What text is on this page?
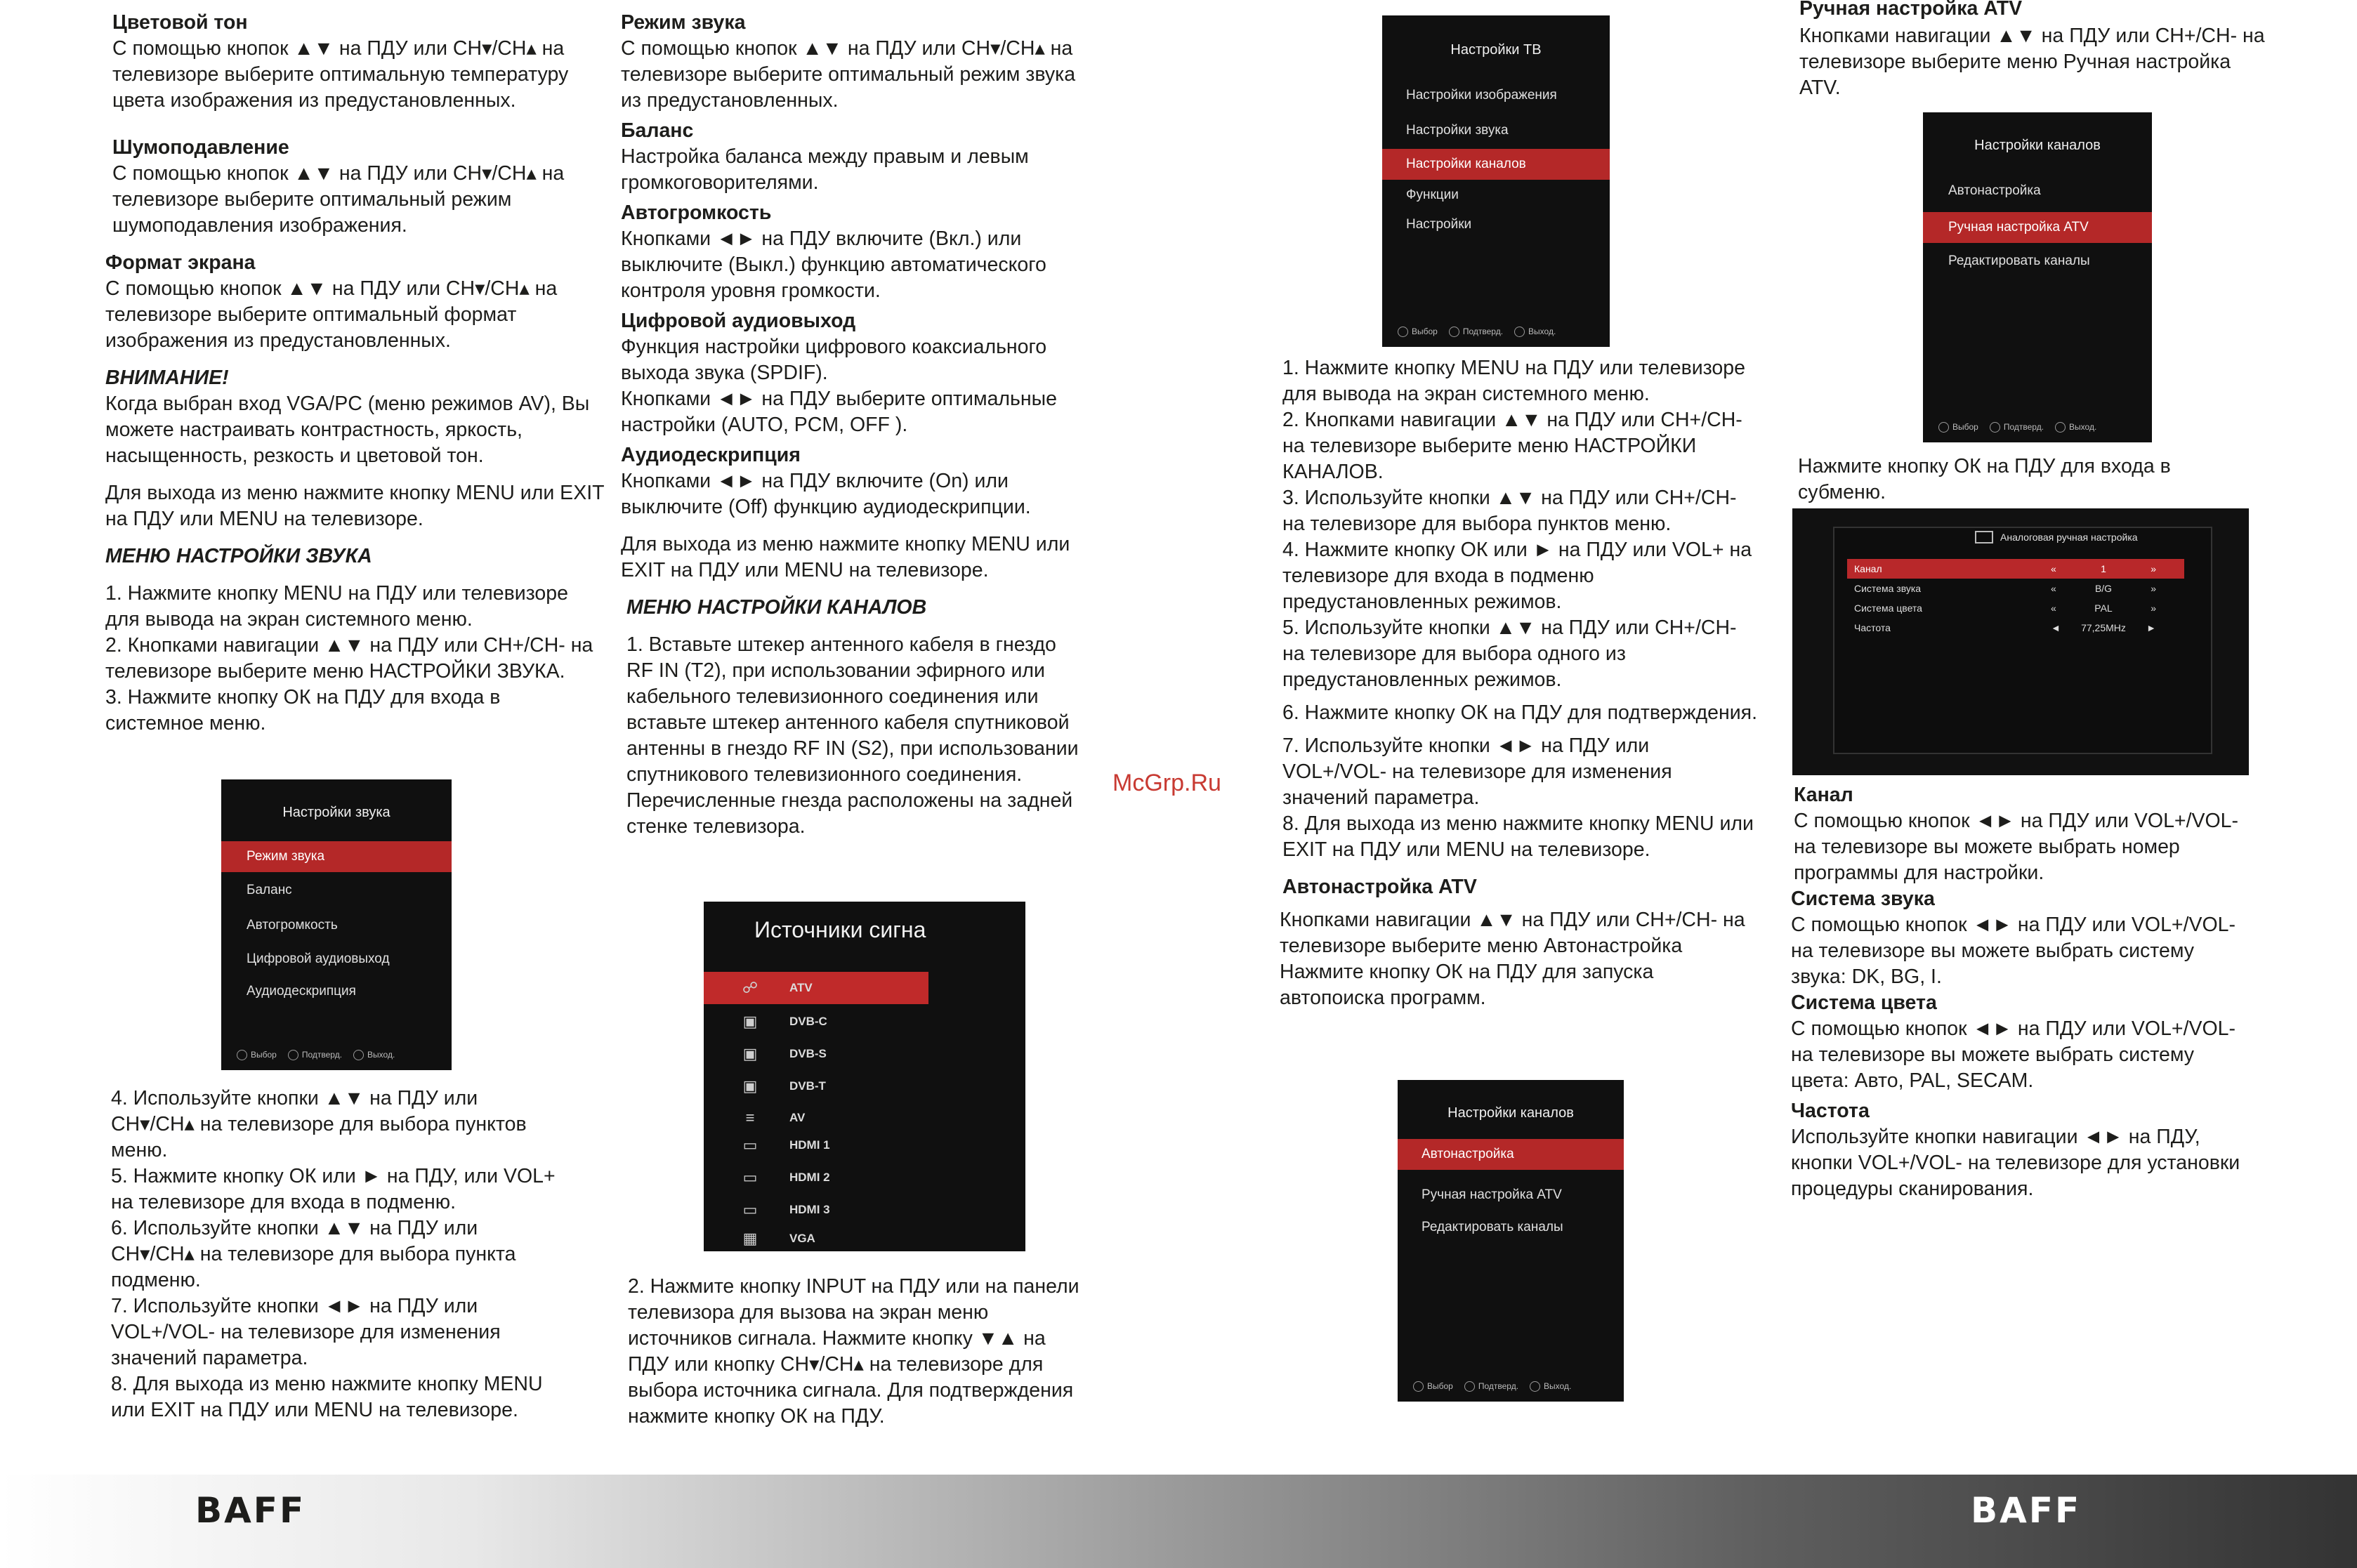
Цветовой тон

С помощью кнопок ▲▼ на ПДУ или CH▾/CH▴ на телевизоре выберите оптимальную температуру цвета изображения из предустановленных.

Шумоподавление

С помощью кнопок ▲▼ на ПДУ или CH▾/CH▴ на телевизоре выберите оптимальный режим шумоподавления изображения.

Формат экрана

С помощью кнопок ▲▼ на ПДУ или CH▾/CH▴ на телевизоре выберите оптимальный формат изображения из предустановленных.

ВНИМАНИЕ!

Когда выбран вход VGA/PC (меню режимов AV), Вы можете настраивать контрастность, яркость, насыщенность, резкость и цветовой тон.

Для выхода из меню нажмите кнопку MENU или EXIT на ПДУ или MENU на телевизоре.

МЕНЮ НАСТРОЙКИ ЗВУКА

1. Нажмите кнопку MENU на ПДУ или телевизоре для вывода на экран системного меню.

2. Кнопками навигации ▲▼ на ПДУ или CH+/CH- на телевизоре выберите меню НАСТРОЙКИ ЗВУКА.

3. Нажмите кнопку ОК на ПДУ для входа в системное меню.

Настройки звука
Режим звука
Баланс
Автогромкость
Цифровой аудиовыход
Аудиодескрипция
Выбор	Подтверд.	Выход.

4. Используйте кнопки ▲▼ на ПДУ или CH▾/CH▴ на телевизоре для выбора пунктов меню.

5. Нажмите кнопку ОК или ► на ПДУ, или VOL+ на телевизоре для входа в подменю.

6. Используйте кнопки ▲▼ на ПДУ или CH▾/CH▴ на телевизоре для выбора пункта подменю.

7. Используйте кнопки ◄► на ПДУ или VOL+/VOL- на телевизоре для изменения значений параметра.

8. Для выхода из меню нажмите кнопку MENU или EXIT на ПДУ или MENU на телевизоре.

Режим звука

С помощью кнопок ▲▼ на ПДУ или CH▾/CH▴ на телевизоре выберите оптимальный режим звука из предустановленных.

Баланс

Настройка баланса между правым и левым громкоговорителями.

Автогромкость

Кнопками ◄► на ПДУ включите (Вкл.) или выключите (Выкл.) функцию автоматического контроля уровня громкости.

Цифровой аудиовыход

Функция настройки цифрового коаксиального выхода звука (SPDIF).

Кнопками ◄► на ПДУ выберите оптимальные настройки (AUTO, PCM, OFF ).

Аудиодескрипция

Кнопками ◄► на ПДУ включите (On) или выключите (Off) функцию аудиодескрипции.

Для выхода из меню нажмите кнопку MENU или EXIT на ПДУ или MENU на телевизоре.

МЕНЮ НАСТРОЙКИ КАНАЛОВ

1. Вставьте штекер антенного кабеля в гнездо RF IN (T2), при использовании эфирного или кабельного телевизионного соединения или вставьте штекер антенного кабеля спутниковой антенны в гнездо RF IN (S2), при использовании спутникового телевизионного соединения. Перечисленные гнезда расположены на задней стенке телевизора.

Источники сигна
☍	ATV
▣	DVB-C
▣	DVB-S
▣	DVB-T
≡	AV
▭	HDMI 1
▭	HDMI 2
▭	HDMI 3
▦	VGA

2. Нажмите кнопку INPUT на ПДУ или на панели телевизора для вызова на экран меню источников сигнала. Нажмите кнопку ▼▲ на ПДУ или кнопку CH▾/CH▴ на телевизоре для выбора источника сигнала. Для подтверждения нажмите кнопку ОК на ПДУ.

McGrp.Ru
Настройки ТВ
Настройки изображения
Настройки звука
Настройки каналов
Функции
Настройки
Выбор	Подтверд.	Выход.

1. Нажмите кнопку MENU на ПДУ или телевизоре для вывода на экран системного меню.

2. Кнопками навигации ▲▼ на ПДУ или CH+/CH- на телевизоре выберите меню НАСТРОЙКИ КАНАЛОВ.

3. Используйте кнопки ▲▼ на ПДУ или CH+/CH- на телевизоре для выбора пунктов меню.

4. Нажмите кнопку ОК или ► на ПДУ или VOL+ на телевизоре для входа в подменю предустановленных режимов.

5. Используйте кнопки ▲▼ на ПДУ или CH+/CH- на телевизоре для выбора одного из предустановленных режимов.

6. Нажмите кнопку ОК на ПДУ для подтверждения.

7. Используйте кнопки ◄► на ПДУ или VOL+/VOL- на телевизоре для изменения значений параметра.

8. Для выхода из меню нажмите кнопку MENU или EXIT на ПДУ или MENU на телевизоре.

Автонастройка ATV

Кнопками навигации ▲▼ на ПДУ или CH+/CH- на телевизоре выберите меню Автонастройка Нажмите кнопку ОК на ПДУ для запуска автопоиска программ.

Настройки каналов
Автонастройка
Ручная настройка ATV
Редактировать каналы
Выбор	Подтверд.	Выход.

Ручная настройка ATV

Кнопками навигации ▲▼ на ПДУ или CH+/CH- на телевизоре выберите меню Ручная настройка ATV.

Настройки каналов
Автонастройка
Ручная настройка ATV
Редактировать каналы
Выбор	Подтверд.	Выход.

Нажмите кнопку ОК на ПДУ для входа в субменю.

Аналоговая ручная настройка
Канал	«	1	»
Система звука	«	B/G	»
Система цвета	«	PAL	»
Частота	◄	77,25MHz	►

Канал

С помощью кнопок ◄► на ПДУ или VOL+/VOL- на телевизоре вы можете выбрать номер программы для настройки.

Система звука

С помощью кнопок ◄► на ПДУ или VOL+/VOL- на телевизоре вы можете выбрать систему звука: DK, BG, I.

Система цвета

С помощью кнопок ◄► на ПДУ или VOL+/VOL- на телевизоре вы можете выбрать систему цвета: Авто, PAL, SECAM.

Частота

Используйте кнопки навигации ◄► на ПДУ, кнопки VOL+/VOL- на телевизоре для установки процедуры сканирования.

BAFF	BAFF
